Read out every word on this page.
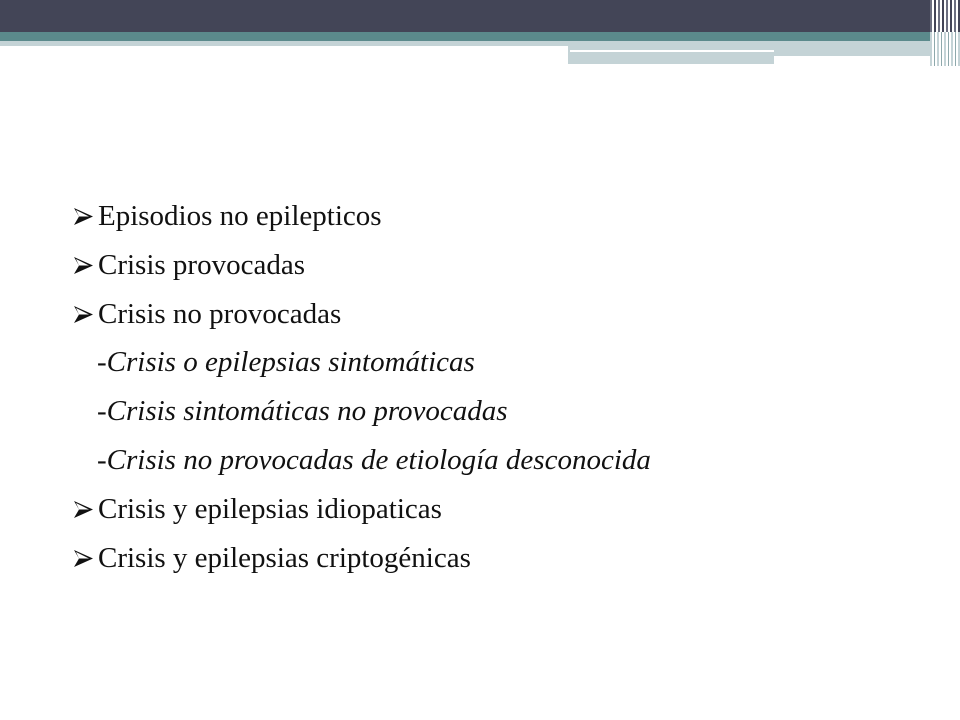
Episodios no epilepticos
Crisis provocadas
Crisis no provocadas
-Crisis o epilepsias sintomáticas
-Crisis sintomáticas no provocadas
-Crisis no provocadas de etiología desconocida
Crisis y epilepsias idiopaticas
Crisis y epilepsias criptogénicas
